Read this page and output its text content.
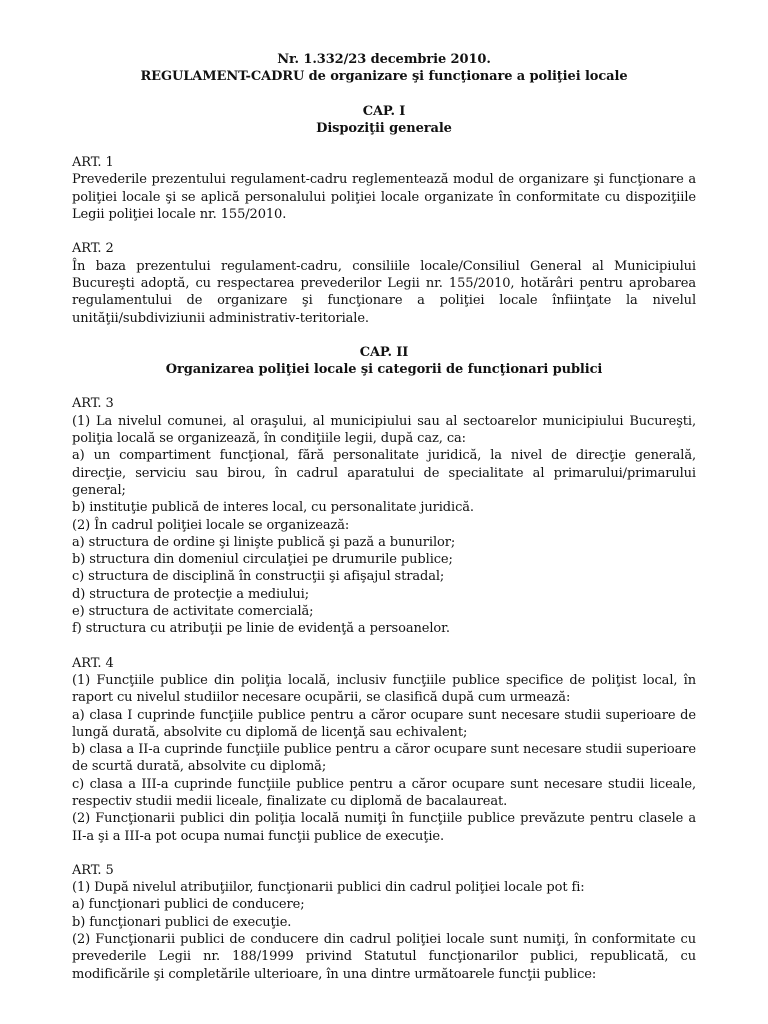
Nr. 1.332/23 decembrie 2010.
REGULAMENT-CADRU de organizare şi funcţionare a poliţiei locale
CAP. I
Dispoziţii generale

ART. 1

Prevederile prezentului regulament-cadru reglementează modul de organizare şi funcţionare a poliţiei locale şi se aplică personalului poliţiei locale organizate în conformitate cu dispoziţiile Legii poliţiei locale nr. 155/2010.

ART. 2

În baza prezentului regulament-cadru, consiliile locale/Consiliul General al Municipiului Bucureşti adoptă, cu respectarea prevederilor Legii nr. 155/2010, hotărâri pentru aprobarea regulamentului de organizare şi funcţionare a poliţiei locale înfiinţate la nivelul unităţii/subdiviziunii administrativ-teritoriale.

CAP. II
Organizarea poliţiei locale şi categorii de funcţionari publici

ART. 3

(1) La nivelul comunei, al oraşului, al municipiului sau al sectoarelor municipiului Bucureşti, poliţia locală se organizează, în condiţiile legii, după caz, ca:

a) un compartiment funcţional, fără personalitate juridică, la nivel de direcţie generală, direcţie, serviciu sau birou, în cadrul aparatului de specialitate al primarului/primarului general;

b) instituţie publică de interes local, cu personalitate juridică.

(2) În cadrul poliţiei locale se organizează:

a) structura de ordine şi linişte publică şi pază a bunurilor;

b) structura din domeniul circulaţiei pe drumurile publice;

c) structura de disciplină în construcţii şi afişajul stradal;

d) structura de protecţie a mediului;

e) structura de activitate comercială;

f) structura cu atribuţii pe linie de evidenţă a persoanelor.

ART. 4

(1) Funcţiile publice din poliţia locală, inclusiv funcţiile publice specifice de poliţist local, în raport cu nivelul studiilor necesare ocupării, se clasifică după cum urmează:

a) clasa I cuprinde funcţiile publice pentru a căror ocupare sunt necesare studii superioare de lungă durată, absolvite cu diplomă de licenţă sau echivalent;

b) clasa a II-a cuprinde funcţiile publice pentru a căror ocupare sunt necesare studii superioare de scurtă durată, absolvite cu diplomă;

c) clasa a III-a cuprinde funcţiile publice pentru a căror ocupare sunt necesare studii liceale, respectiv studii medii liceale, finalizate cu diplomă de bacalaureat.

(2) Funcţionarii publici din poliţia locală numiţi în funcţiile publice prevăzute pentru clasele a II-a şi a III-a pot ocupa numai funcţii publice de execuţie.

ART. 5

(1) După nivelul atribuţiilor, funcţionarii publici din cadrul poliţiei locale pot fi:

a) funcţionari publici de conducere;

b) funcţionari publici de execuţie.

(2) Funcţionarii publici de conducere din cadrul poliţiei locale sunt numiţi, în conformitate cu prevederile Legii nr. 188/1999 privind Statutul funcţionarilor publici, republicată, cu modificările şi completările ulterioare, în una dintre următoarele funcţii publice:
